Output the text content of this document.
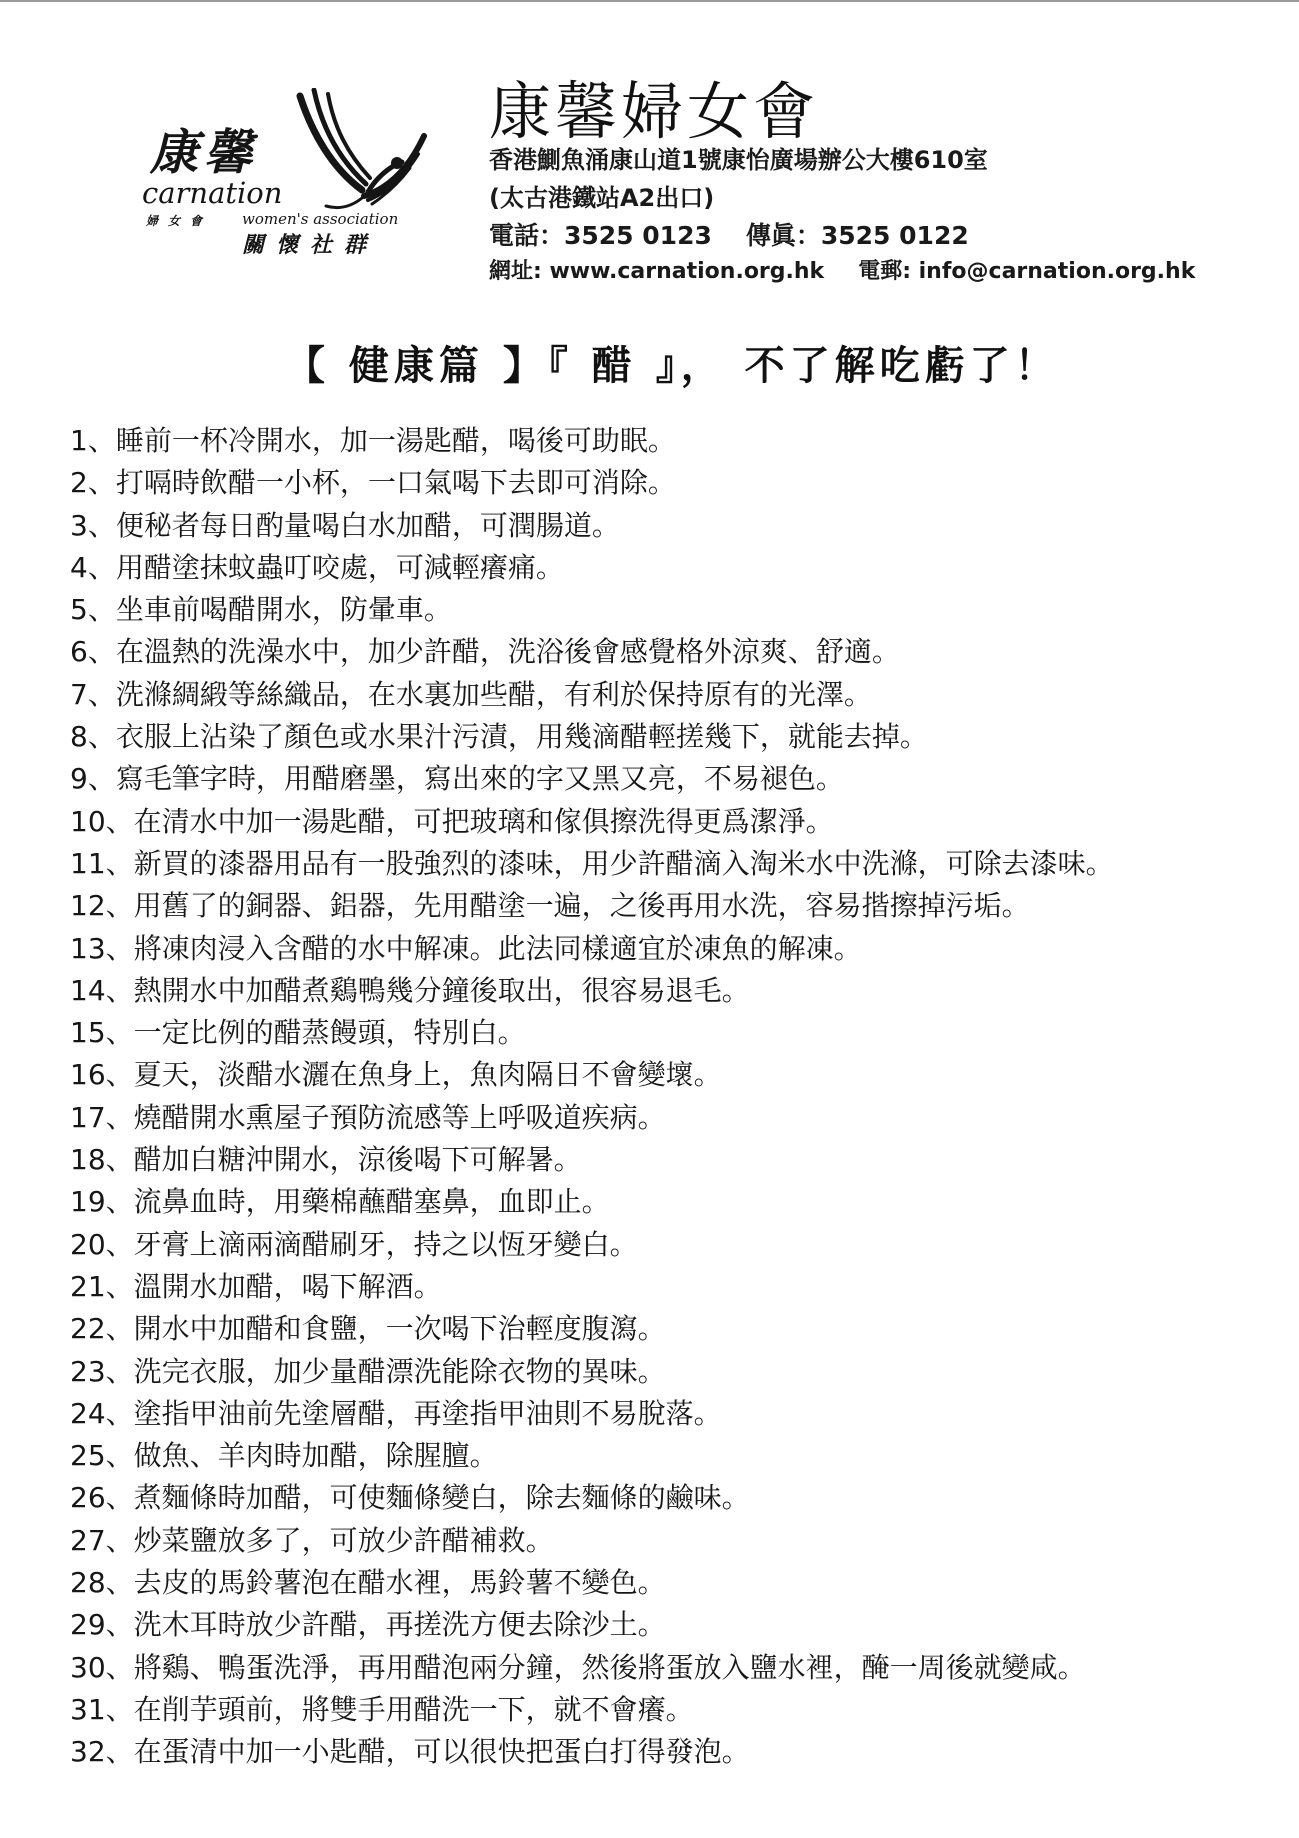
康馨
carnation
婦女會 women's association
關懷社群
康馨婦女會
香港鰂魚涌康山道1號康怡廣場辦公大樓610室
(太古港鐵站A2出口)
電話：3525 0123 傳眞：3525 0122
網址: www.carnation.org.hk 電郵: info@carnation.org.hk
【 健康篇 】『 醋 』， 不了解吃虧了！
1、睡前一杯冷開水，加一湯匙醋，喝後可助眠。
2、打嗝時飲醋一小杯，一口氣喝下去即可消除。
3、便秘者每日酌量喝白水加醋，可潤腸道。
4、用醋塗抹蚊蟲叮咬處，可減輕癢痛。
5、坐車前喝醋開水，防暈車。
6、在溫熱的洗澡水中，加少許醋，洗浴後會感覺格外涼爽、舒適。
7、洗滌綢緞等絲織品，在水裏加些醋，有利於保持原有的光澤。
8、衣服上沾染了顏色或水果汁污漬，用幾滴醋輕搓幾下，就能去掉。
9、寫毛筆字時，用醋磨墨，寫出來的字又黑又亮，不易褪色。
10、在清水中加一湯匙醋，可把玻璃和傢俱擦洗得更爲潔淨。
11、新買的漆器用品有一股強烈的漆味，用少許醋滴入淘米水中洗滌，可除去漆味。
12、用舊了的銅器、鋁器，先用醋塗一遍，之後再用水洗，容易揩擦掉污垢。
13、將凍肉浸入含醋的水中解凍。此法同樣適宜於凍魚的解凍。
14、熱開水中加醋煮鷄鴨幾分鐘後取出，很容易退毛。
15、一定比例的醋蒸饅頭，特別白。
16、夏天，淡醋水灑在魚身上，魚肉隔日不會變壞。
17、燒醋開水熏屋子預防流感等上呼吸道疾病。
18、醋加白糖沖開水，涼後喝下可解暑。
19、流鼻血時，用藥棉蘸醋塞鼻，血即止。
20、牙膏上滴兩滴醋刷牙，持之以恆牙變白。
21、溫開水加醋，喝下解酒。
22、開水中加醋和食鹽，一次喝下治輕度腹瀉。
23、洗完衣服，加少量醋漂洗能除衣物的異味。
24、塗指甲油前先塗層醋，再塗指甲油則不易脫落。
25、做魚、羊肉時加醋，除腥膻。
26、煮麵條時加醋，可使麵條變白，除去麵條的鹼味。
27、炒菜鹽放多了，可放少許醋補救。
28、去皮的馬鈴薯泡在醋水裡，馬鈴薯不變色。
29、洗木耳時放少許醋，再搓洗方便去除沙土。
30、將鷄、鴨蛋洗淨，再用醋泡兩分鐘，然後將蛋放入鹽水裡，醃一周後就變咸。
31、在削芋頭前，將雙手用醋洗一下，就不會癢。
32、在蛋清中加一小匙醋，可以很快把蛋白打得發泡。
